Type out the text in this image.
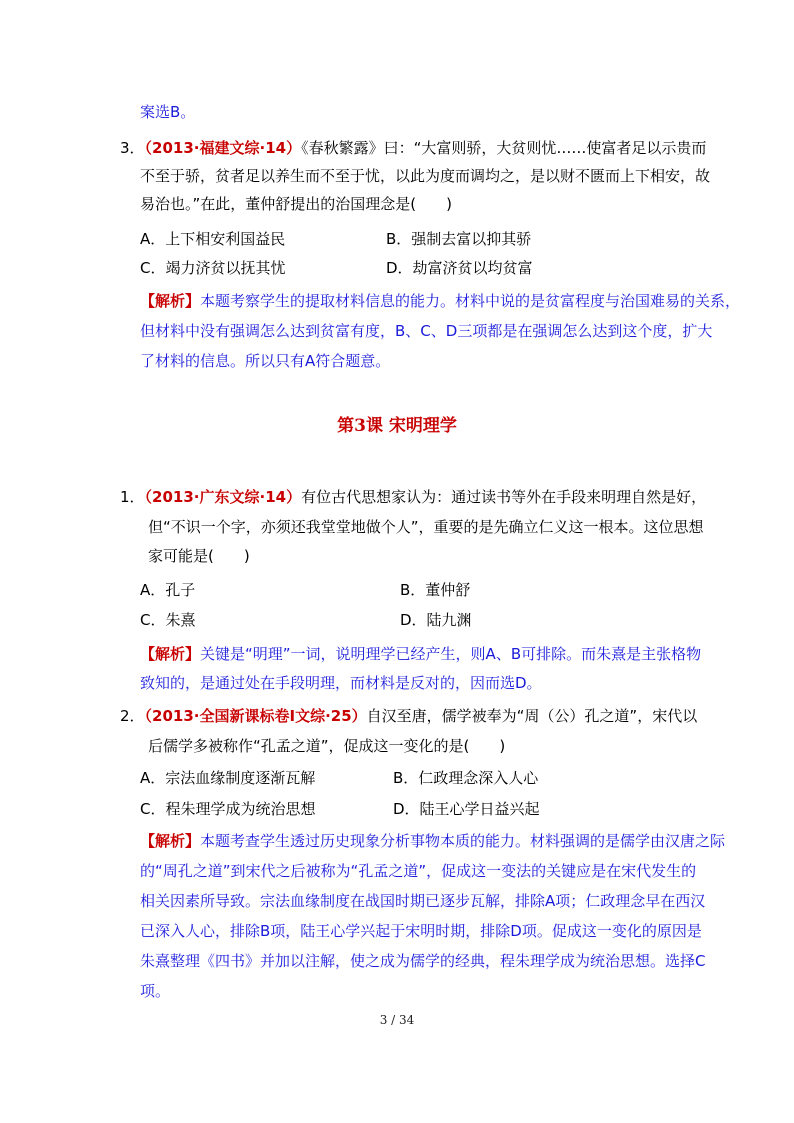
案选B。
3．（2013·福建文综·14）《春秋繁露》曰：“大富则骄，大贫则忧……使富者足以示贵而
不至于骄，贫者足以养生而不至于忧，以此为度而调均之，是以财不匮而上下相安，故
易治也。”在此，董仲舒提出的治国理念是(　　)
A．上下相安利国益民	B．强制去富以抑其骄
C．竭力济贫以抚其忧	D．劫富济贫以均贫富
【解析】本题考察学生的提取材料信息的能力。材料中说的是贫富程度与治国难易的关系，
但材料中没有强调怎么达到贫富有度，B、C、D三项都是在强调怎么达到这个度，扩大
了材料的信息。所以只有A符合题意。
1．（2013·广东文综·14）有位古代思想家认为：通过读书等外在手段来明理自然是好，
但“不识一个字，亦须还我堂堂地做个人”，重要的是先确立仁义这一根本。这位思想
家可能是(　　)
A．孔子	B．董仲舒
C．朱熹	D．陆九渊
【解析】关键是“明理”一词，说明理学已经产生，则A、B可排除。而朱熹是主张格物
致知的，是通过处在手段明理，而材料是反对的，因而选D。
2．（2013·全国新课标卷Ⅰ文综·25）自汉至唐，儒学被奉为“周（公）孔之道”，宋代以
后儒学多被称作“孔孟之道”，促成这一变化的是(　　)
A．宗法血缘制度逐渐瓦解	B．仁政理念深入人心
C．程朱理学成为统治思想	D．陆王心学日益兴起
【解析】本题考查学生透过历史现象分析事物本质的能力。材料强调的是儒学由汉唐之际
的“周孔之道”到宋代之后被称为“孔孟之道”，促成这一变法的关键应是在宋代发生的
相关因素所导致。宗法血缘制度在战国时期已逐步瓦解，排除A项；仁政理念早在西汉
已深入人心，排除B项，陆王心学兴起于宋明时期，排除D项。促成这一变化的原因是
朱熹整理《四书》并加以注解，使之成为儒学的经典，程朱理学成为统治思想。选择C
项。
第3课 宋明理学
3 / 34
